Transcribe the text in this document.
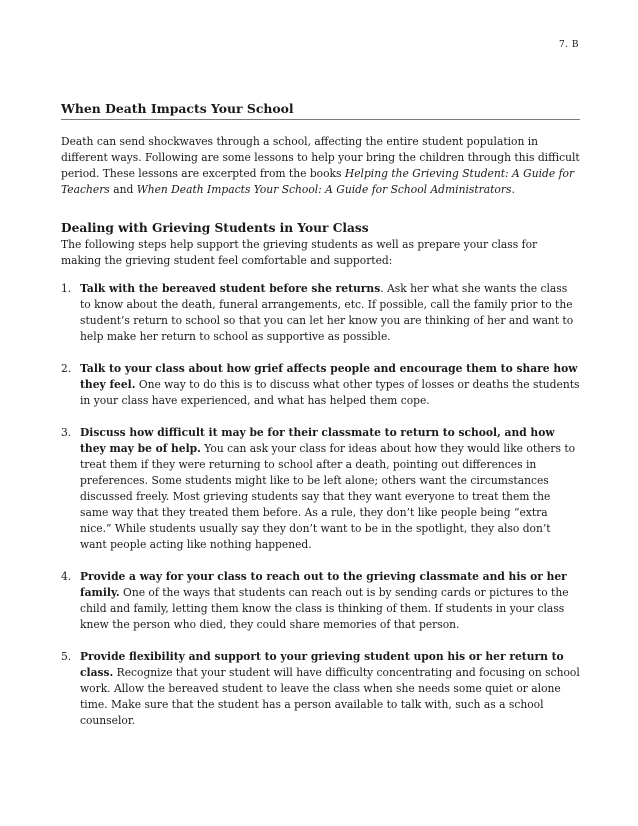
7. B
When Death Impacts Your School

Death can send shockwaves through a school, affecting the entire student population in different ways. Following are some lessons to help your bring the children through this difficult period. These lessons are excerpted from the books Helping the Grieving Student: A Guide for Teachers and When Death Impacts Your School: A Guide for School Administrators.

Dealing with Grieving Students in Your Class

The following steps help support the grieving students as well as prepare your class for making the grieving student feel comfortable and supported:

1. Talk with the bereaved student before she returns. Ask her what she wants the class to know about the death, funeral arrangements, etc. If possible, call the family prior to the student’s return to school so that you can let her know you are thinking of her and want to help make her return to school as supportive as possible.
2. Talk to your class about how grief affects people and encourage them to share how they feel. One way to do this is to discuss what other types of losses or deaths the students in your class have experienced, and what has helped them cope.
3. Discuss how difficult it may be for their classmate to return to school, and how they may be of help. You can ask your class for ideas about how they would like others to treat them if they were returning to school after a death, pointing out differences in preferences. Some students might like to be left alone; others want the circumstances discussed freely. Most grieving students say that they want everyone to treat them the same way that they treated them before. As a rule, they don’t like people being “extra nice.” While students usually say they don’t want to be in the spotlight, they also don’t want people acting like nothing happened.
4. Provide a way for your class to reach out to the grieving classmate and his or her family. One of the ways that students can reach out is by sending cards or pictures to the child and family, letting them know the class is thinking of them. If students in your class knew the person who died, they could share memories of that person.
5. Provide flexibility and support to your grieving student upon his or her return to class. Recognize that your student will have difficulty concentrating and focusing on school work. Allow the bereaved student to leave the class when she needs some quiet or alone time. Make sure that the student has a person available to talk with, such as a school counselor.
